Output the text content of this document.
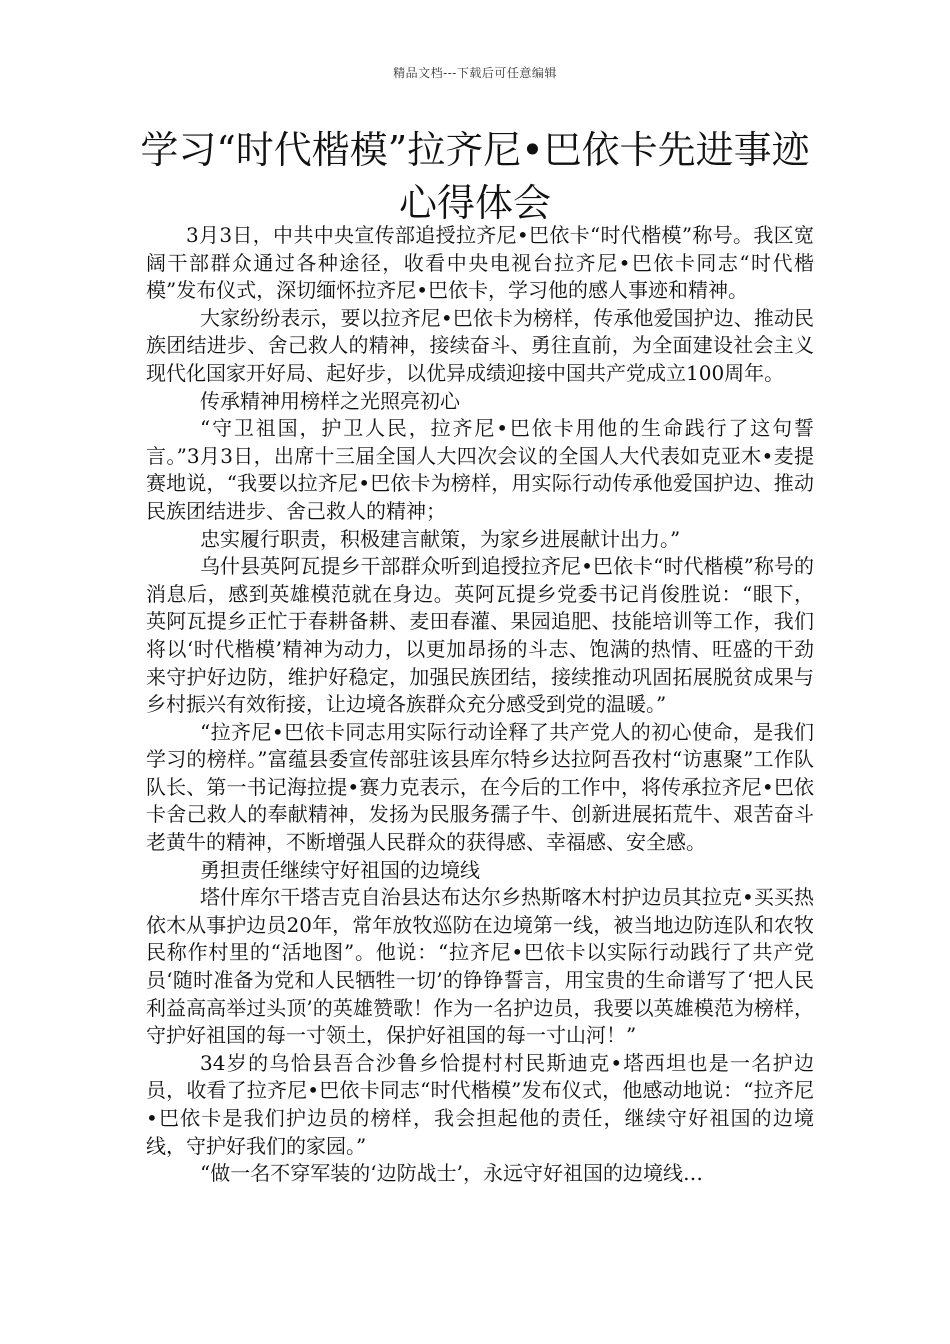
精品文档---下载后可任意编辑
学习“时代楷模”拉齐尼•巴依卡先进事迹心得体会

3月3日，中共中央宣传部追授拉齐尼•巴依卡“时代楷模”称号。我区宽阔干部群众通过各种途径，收看中央电视台拉齐尼•巴依卡同志“时代楷模”发布仪式，深切缅怀拉齐尼•巴依卡，学习他的感人事迹和精神。

大家纷纷表示，要以拉齐尼•巴依卡为榜样，传承他爱国护边、推动民族团结进步、舍己救人的精神，接续奋斗、勇往直前，为全面建设社会主义现代化国家开好局、起好步，以优异成绩迎接中国共产党成立100周年。

传承精神用榜样之光照亮初心

“守卫祖国，护卫人民，拉齐尼•巴依卡用他的生命践行了这句誓言。”3月3日，出席十三届全国人大四次会议的全国人大代表如克亚木•麦提赛地说，“我要以拉齐尼•巴依卡为榜样，用实际行动传承他爱国护边、推动民族团结进步、舍己救人的精神；

忠实履行职责，积极建言献策，为家乡进展献计出力。”

乌什县英阿瓦提乡干部群众听到追授拉齐尼•巴依卡“时代楷模”称号的消息后，感到英雄模范就在身边。英阿瓦提乡党委书记肖俊胜说：“眼下，英阿瓦提乡正忙于春耕备耕、麦田春灌、果园追肥、技能培训等工作，我们将以‘时代楷模’精神为动力，以更加昂扬的斗志、饱满的热情、旺盛的干劲来守护好边防，维护好稳定，加强民族团结，接续推动巩固拓展脱贫成果与乡村振兴有效衔接，让边境各族群众充分感受到党的温暖。”

“拉齐尼•巴依卡同志用实际行动诠释了共产党人的初心使命，是我们学习的榜样。”富蕴县委宣传部驻该县库尔特乡达拉阿吾孜村“访惠聚”工作队队长、第一书记海拉提•赛力克表示，在今后的工作中，将传承拉齐尼•巴依卡舍己救人的奉献精神，发扬为民服务孺子牛、创新进展拓荒牛、艰苦奋斗老黄牛的精神，不断增强人民群众的获得感、幸福感、安全感。

勇担责任继续守好祖国的边境线

塔什库尔干塔吉克自治县达布达尔乡热斯喀木村护边员其拉克•买买热依木从事护边员20年，常年放牧巡防在边境第一线，被当地边防连队和农牧民称作村里的“活地图”。他说：“拉齐尼•巴依卡以实际行动践行了共产党员‘随时准备为党和人民牺牲一切’的铮铮誓言，用宝贵的生命谱写了‘把人民利益高高举过头顶’的英雄赞歌！作为一名护边员，我要以英雄模范为榜样，守护好祖国的每一寸领土，保护好祖国的每一寸山河！”

34岁的乌恰县吾合沙鲁乡恰提村村民斯迪克•塔西坦也是一名护边员，收看了拉齐尼•巴依卡同志“时代楷模”发布仪式，他感动地说：“拉齐尼•巴依卡是我们护边员的榜样，我会担起他的责任，继续守好祖国的边境线，守护好我们的家园。”

“做一名不穿军装的‘边防战士’，永远守好祖国的边境线…
